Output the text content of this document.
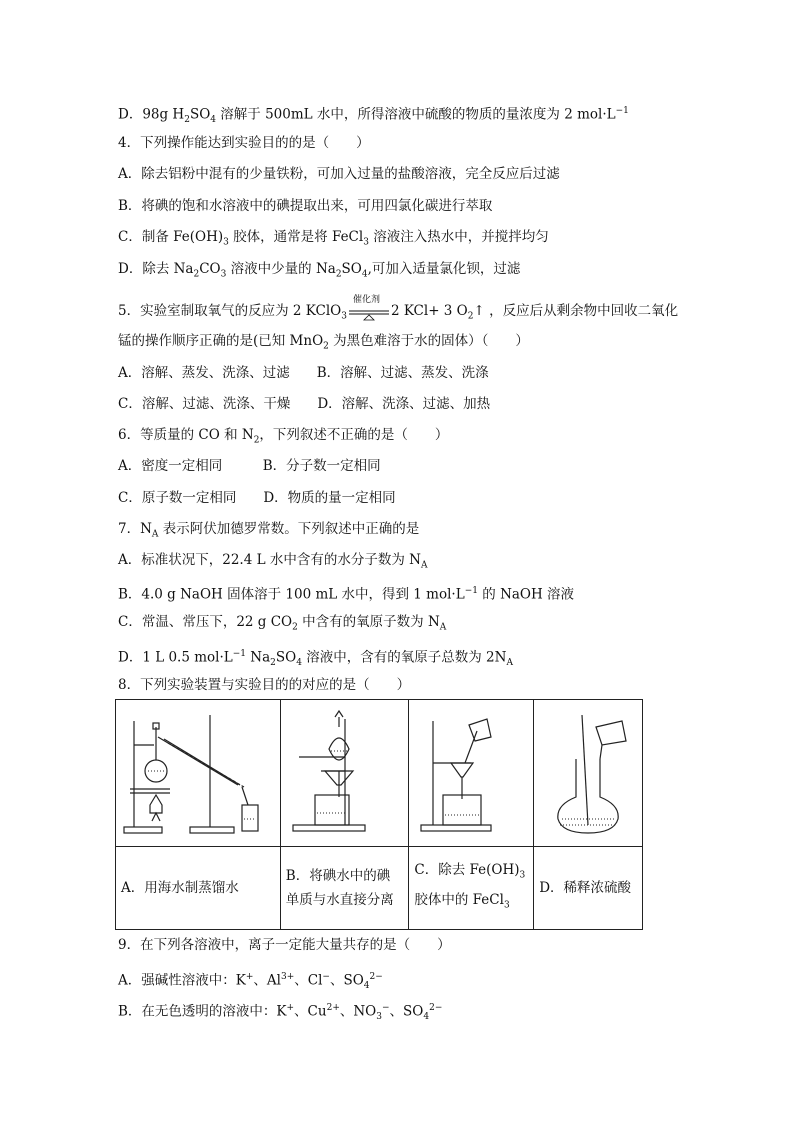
D．98g $H_2SO_4$ 溶解于 500mL 水中，所得溶液中硫酸的物质的量浓度为 2 $mol\cdot L^{-1}$
4．下列操作能达到实验目的的是（　　）
A．除去铝粉中混有的少量铁粉，可加入过量的盐酸溶液，完全反应后过滤
B．将碘的饱和水溶液中的碘提取出来，可用四氯化碳进行萃取
C．制备 $Fe(OH)_3$ 胶体，通常是将 FeCl$_3$ 溶液注入热水中，并搅拌均匀
D．除去 $Na_2CO_3$ 溶液中少量的 $Na_2SO_4$,可加入适量氯化钡，过滤
5．实验室制取氧气的反应为 2 KClO$_3$
催化剂
2 KCl+ 3 $O_2↑$ ，反应后从剩余物中回收二氧化
锰的操作顺序正确的是(已知 MnO$_2$ 为黑色难溶于水的固体）（　　）
A．溶解、蒸发、洗涤、过滤　　B．溶解、过滤、蒸发、洗涤
C．溶解、过滤、洗涤、干燥　　D．溶解、洗涤、过滤、加热
6．等质量的 CO 和 $N_2$，下列叙述不正确的是（　　）
A．密度一定相同　　　B．分子数一定相同
C．原子数一定相同　　D．物质的量一定相同
7．$N_A$ 表示阿伏加德罗常数。下列叙述中正确的是
A．标准状况下，22.4 L 水中含有的水分子数为 $N_A$
B．4.0 g NaOH 固体溶于 100 mL 水中，得到 1 $mol\cdot L^{-1}$ 的 NaOH 溶液
C．常温、常压下，22 g $CO_2$ 中含有的氧原子数为 $N_A$
D．1 L 0.5 $mol\cdot L^{-1}$ $Na_2SO_4$ 溶液中，含有的氧原子总数为 $2N_A$
8．下列实验装置与实验目的的对应的是（　　）

A．用海水制蒸馏水	B．将碘水中的碘单质与水直接分离	C．除去 $Fe(OH)_3$
胶体中的 FeCl$_3$	D．稀释浓硫酸
9．在下列各溶液中，离子一定能大量共存的是（　　）
A．强碱性溶液中：K+、$Al^{3+}$、Cl−、$SO_4^{2-}$
B．在无色透明的溶液中：K+、$Cu^{2+}$、$NO_3^-$、$SO_4^{2-}$
